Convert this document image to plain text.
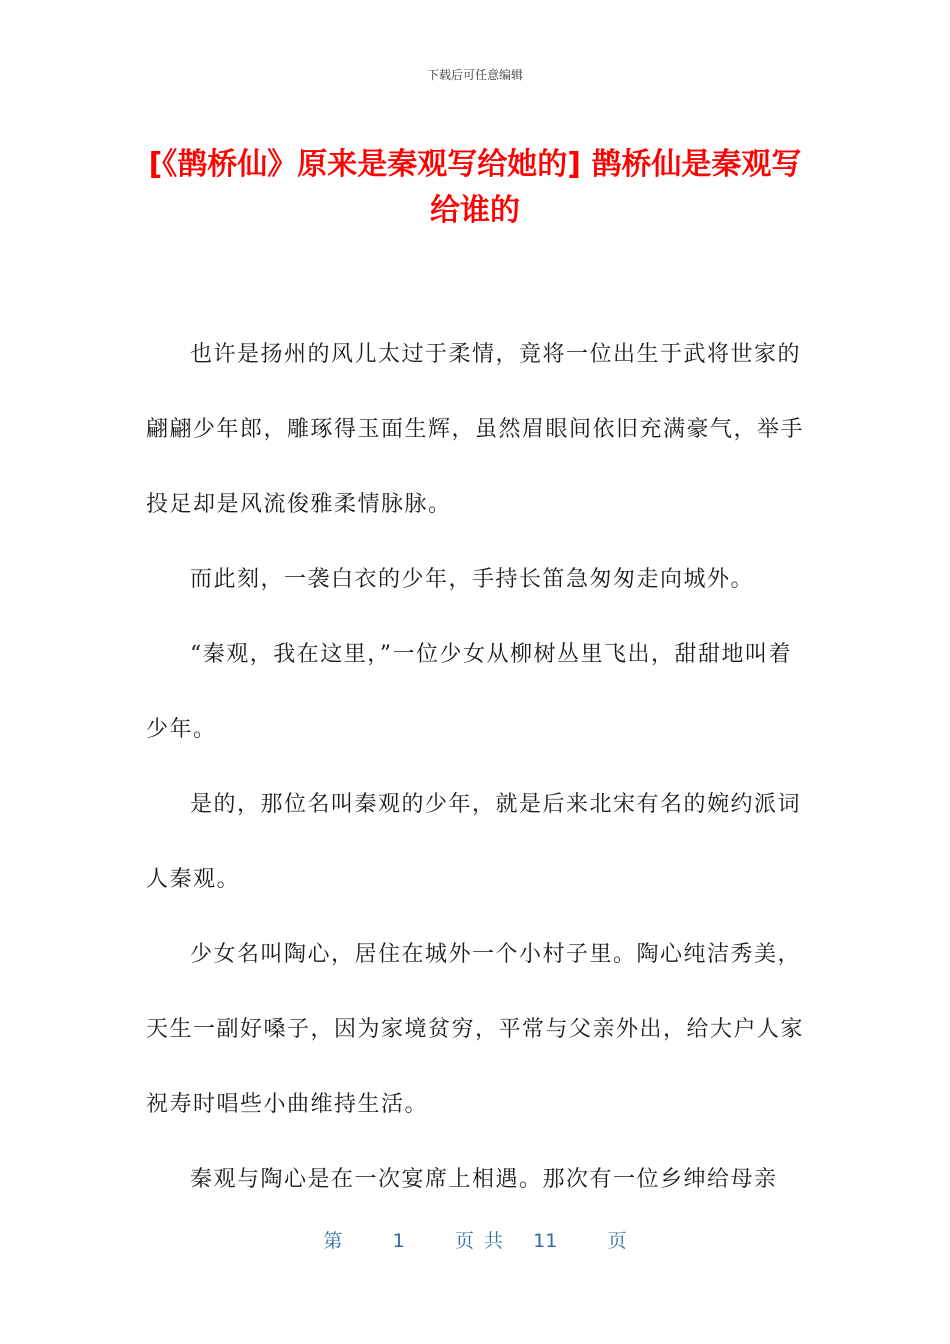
下载后可任意编辑
[《鹊桥仙》原来是秦观写给她的] 鹊桥仙是秦观写给谁的

也许是扬州的风儿太过于柔情，竟将一位出生于武将世家的翩翩少年郎，雕琢得玉面生辉，虽然眉眼间依旧充满豪气，举手投足却是风流俊雅柔情脉脉。

而此刻，一袭白衣的少年，手持长笛急匆匆走向城外。

“秦观，我在这里，”一位少女从柳树丛里飞出，甜甜地叫着少年。

是的，那位名叫秦观的少年，就是后来北宋有名的婉约派词人秦观。

少女名叫陶心，居住在城外一个小村子里。陶心纯洁秀美，天生一副好嗓子，因为家境贫穷，平常与父亲外出，给大户人家祝寿时唱些小曲维持生活。

秦观与陶心是在一次宴席上相遇。那次有一位乡绅给母亲

第	1	页 共 11	页
